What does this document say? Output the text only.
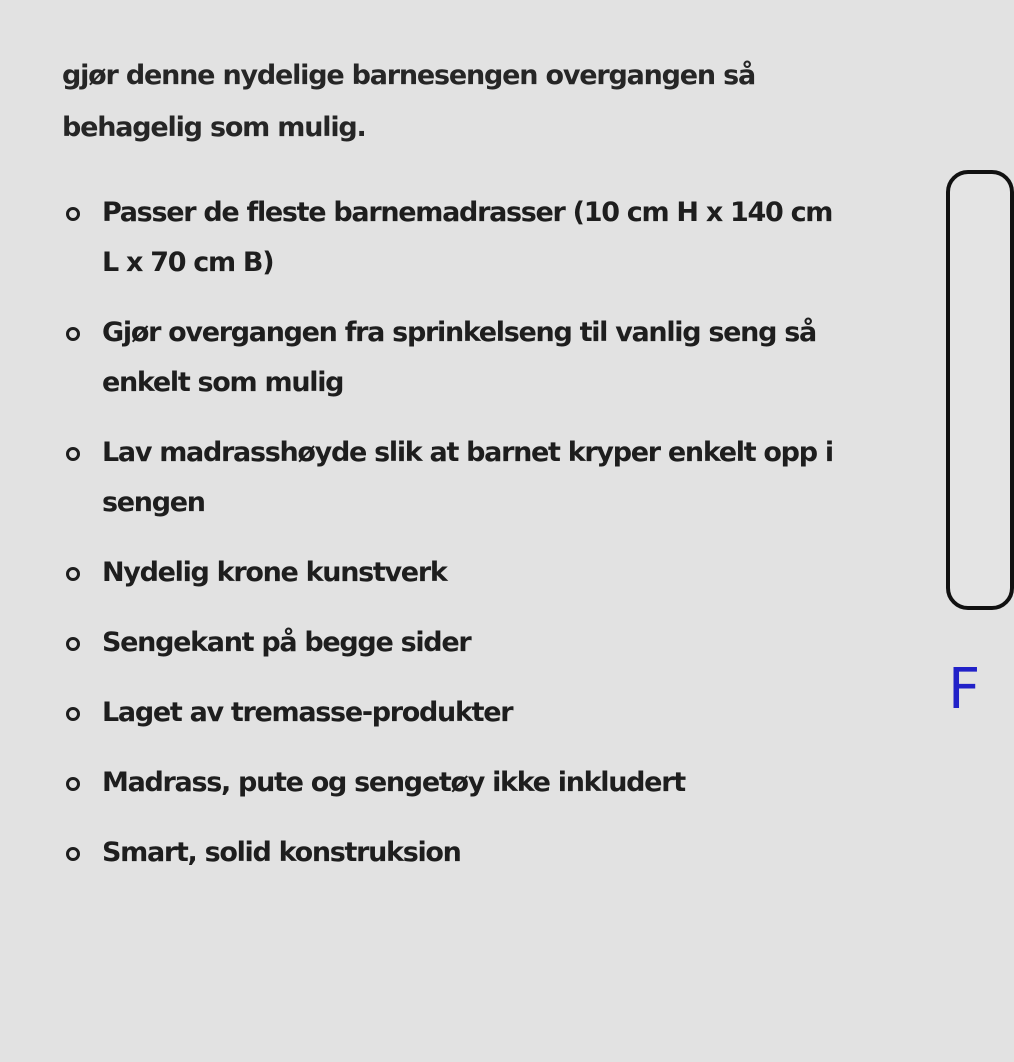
gjør denne nydelige barnesengen overgangen så behagelig som mulig.

Passer de fleste barnemadrasser (10 cm H x 140 cm L x 70 cm B)
Gjør overgangen fra sprinkelseng til vanlig seng så enkelt som mulig
Lav madrasshøyde slik at barnet kryper enkelt opp i sengen
Nydelig krone kunstverk
Sengekant på begge sider
Laget av tremasse-produkter
Madrass, pute og sengetøy ikke inkludert
Smart, solid konstruksion
F
